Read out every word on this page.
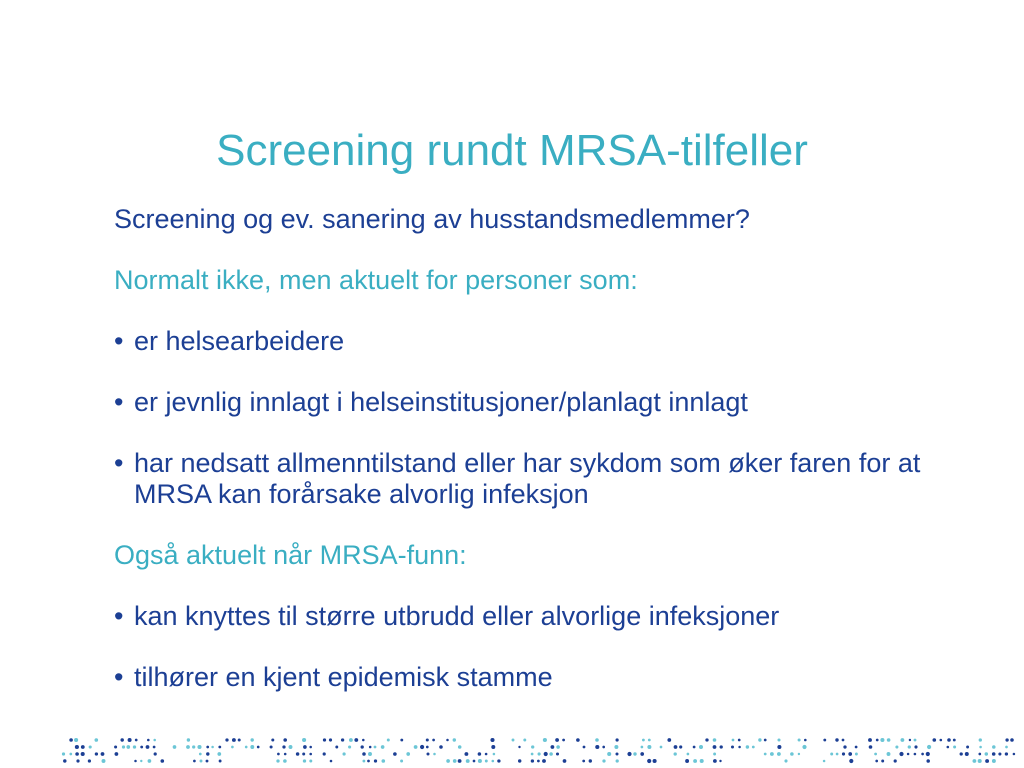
Screening rundt MRSA-tilfeller

Screening og ev. sanering av husstandsmedlemmer?

Normalt ikke, men aktuelt for personer som:

• er helsearbeidere

• er jevnlig innlagt i helseinstitusjoner/planlagt innlagt

• har nedsatt allmenntilstand eller har sykdom som øker faren for at MRSA kan forårsake alvorlig infeksjon

Også aktuelt når MRSA-funn:

• kan knyttes til større utbrudd eller alvorlige infeksjoner

• tilhører en kjent epidemisk stamme
